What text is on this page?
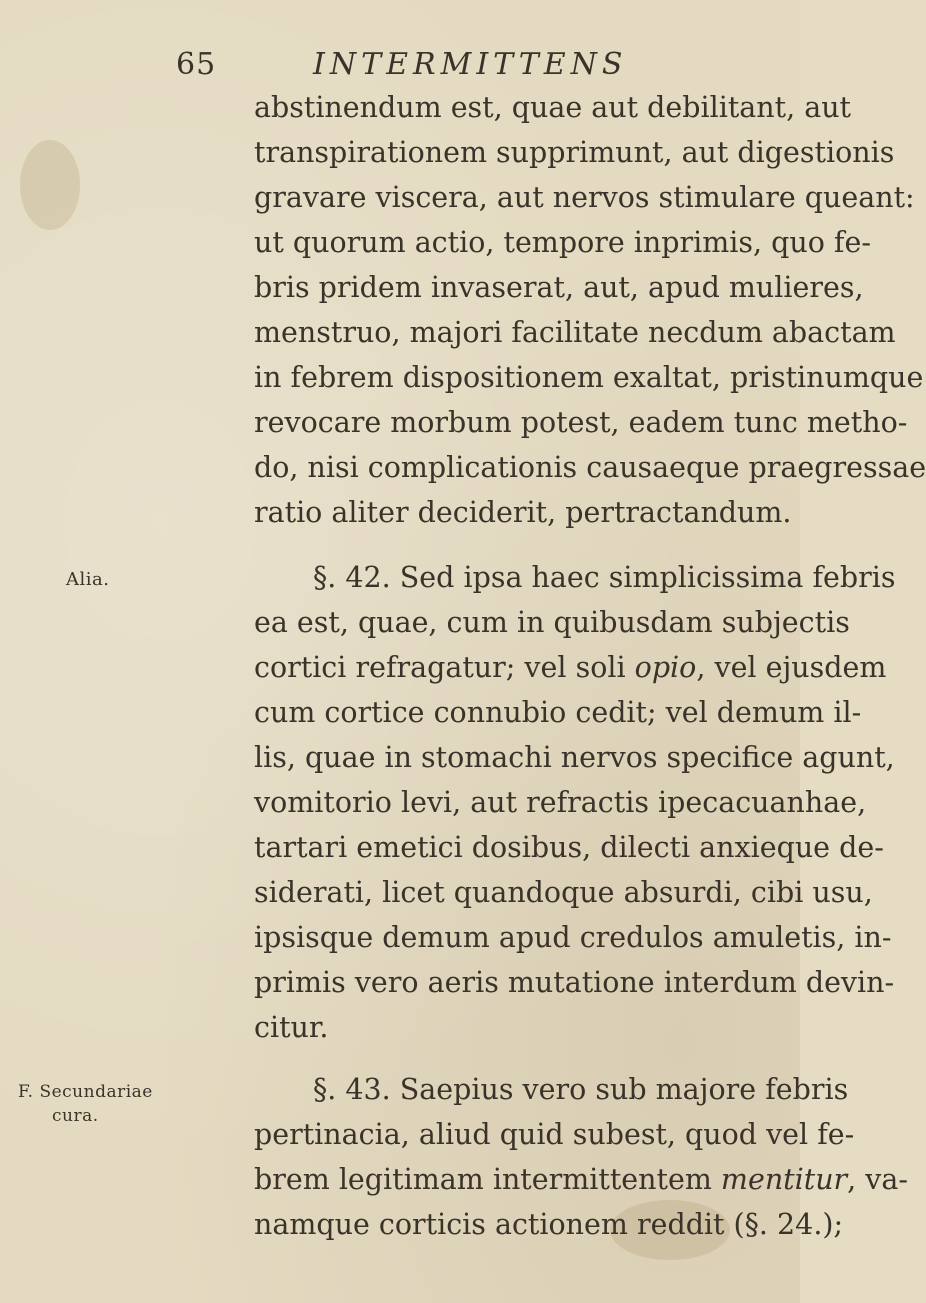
65	INTERMITTENS
abstinendum est, quae aut debilitant, aut
transpirationem supprimunt, aut digestionis
gravare viscera, aut nervos stimulare queant:
ut quorum actio, tempore inprimis, quo fe-
bris pridem invaserat, aut, apud mulieres,
menstruo, majori facilitate necdum abactam
in febrem dispositionem exaltat, pristinumque
revocare morbum potest, eadem tunc metho-
do, nisi complicationis causaeque praegressae
ratio aliter deciderit, pertractandum.
Alia.	§. 42. Sed ipsa haec simplicissima febris
ea est, quae, cum in quibusdam subjectis
cortici refragatur; vel soli opio, vel ejusdem
cum cortice connubio cedit; vel demum il-
lis, quae in stomachi nervos specifice agunt,
vomitorio levi, aut refractis ipecacuanhae,
tartari emetici dosibus, dilecti anxieque de-
siderati, licet quandoque absurdi, cibi usu,
ipsisque demum apud credulos amuletis, in-
primis vero aeris mutatione interdum devin-
citur.
F. Secundariae
cura.
§. 43. Saepius vero sub majore febris
pertinacia, aliud quid subest, quod vel fe-
brem legitimam intermittentem mentitur, va-
namque corticis actionem reddit (§. 24.);
